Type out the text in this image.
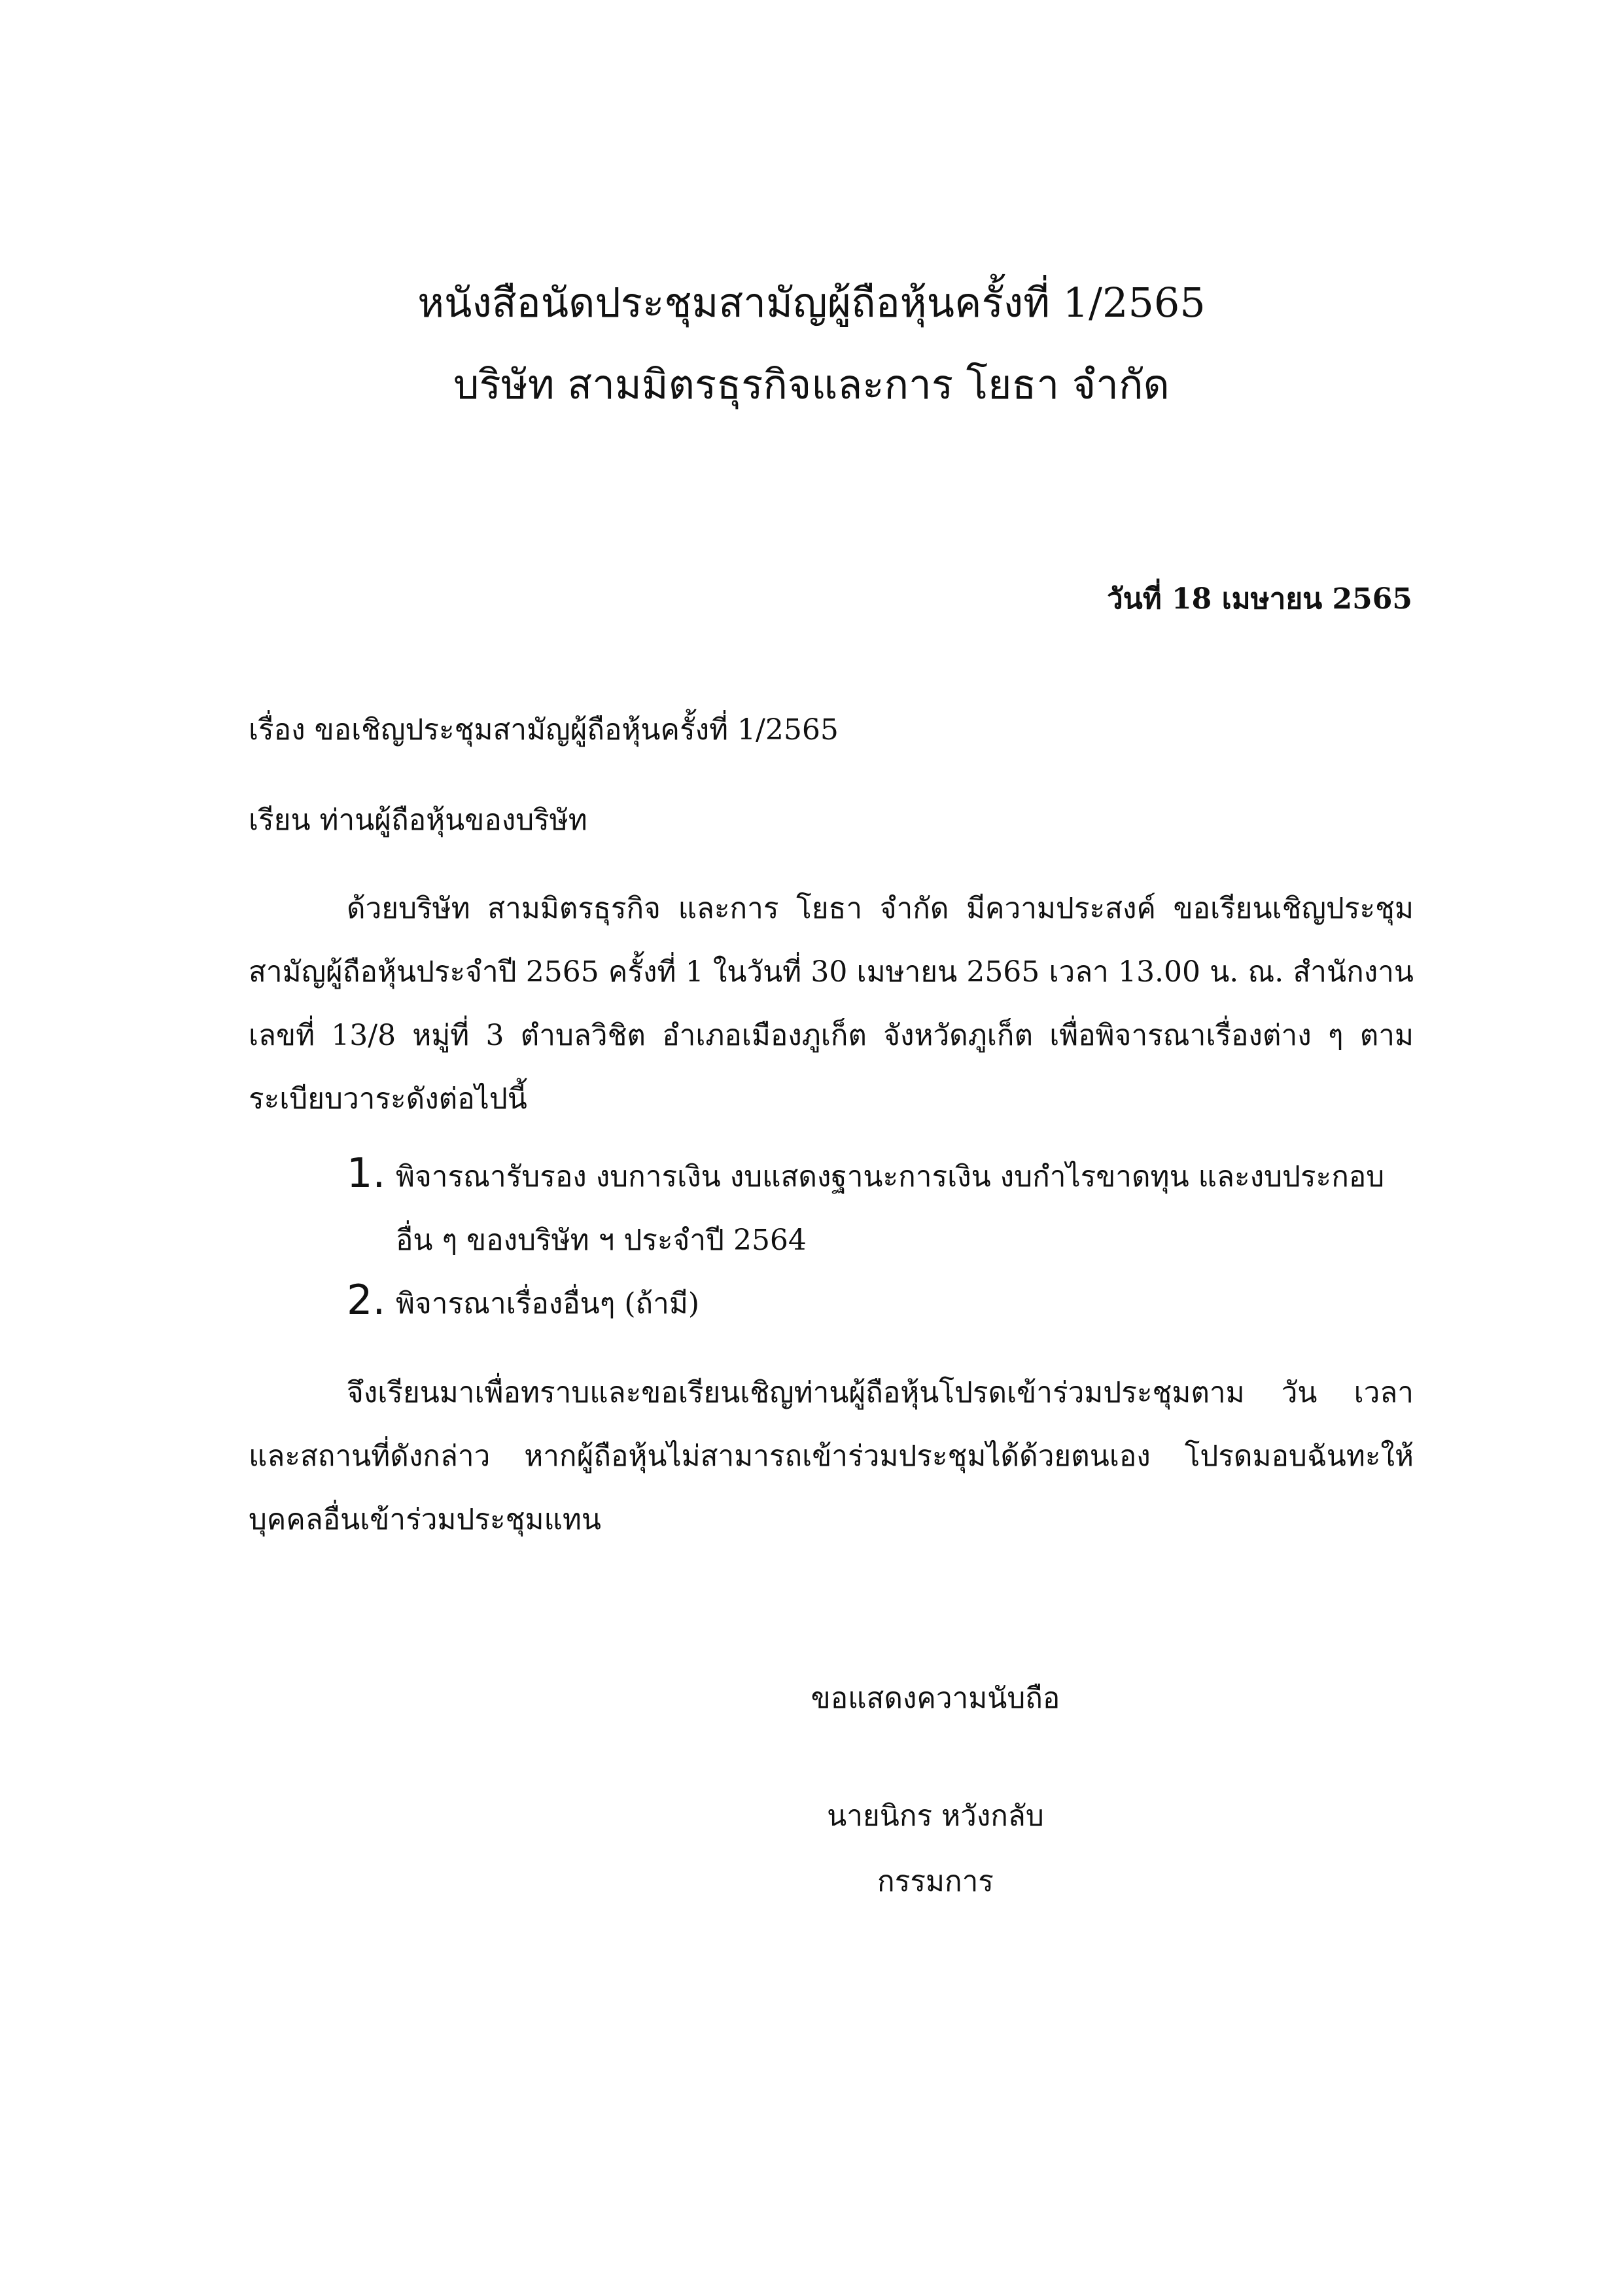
หนังสือนัดประชุมสามัญผู้ถือหุ้นครั้งที่ 1/2565
บริษัท สามมิตรธุรกิจและการ โยธา จำกัด
วันที่ 18 เมษายน 2565
เรื่อง ขอเชิญประชุมสามัญผู้ถือหุ้นครั้งที่ 1/2565
เรียน ท่านผู้ถือหุ้นของบริษัท
ด้วยบริษัท สามมิตรธุรกิจ และการ โยธา จำกัด มีความประสงค์ ขอเรียนเชิญประชุมสามัญผู้ถือหุ้นประจำปี 2565 ครั้งที่ 1 ในวันที่ 30 เมษายน 2565 เวลา 13.00 น. ณ. สำนักงาน เลขที่ 13/8 หมู่ที่ 3 ตำบลวิชิต อำเภอเมืองภูเก็ต จังหวัดภูเก็ต เพื่อพิจารณาเรื่องต่าง ๆ ตามระเบียบวาระดังต่อไปนี้
1. พิจารณารับรอง งบการเงิน งบแสดงฐานะการเงิน งบกำไรขาดทุน และงบประกอบอื่น ๆ ของบริษัท ฯ ประจำปี 2564
2. พิจารณาเรื่องอื่นๆ (ถ้ามี)
จึงเรียนมาเพื่อทราบและขอเรียนเชิญท่านผู้ถือหุ้นโปรดเข้าร่วมประชุมตาม วัน เวลา และสถานที่ดังกล่าว หากผู้ถือหุ้นไม่สามารถเข้าร่วมประชุมได้ด้วยตนเอง โปรดมอบฉันทะให้บุคคลอื่นเข้าร่วมประชุมแทน
ขอแสดงความนับถือ
นายนิกร หวังกลับ
กรรมการ
